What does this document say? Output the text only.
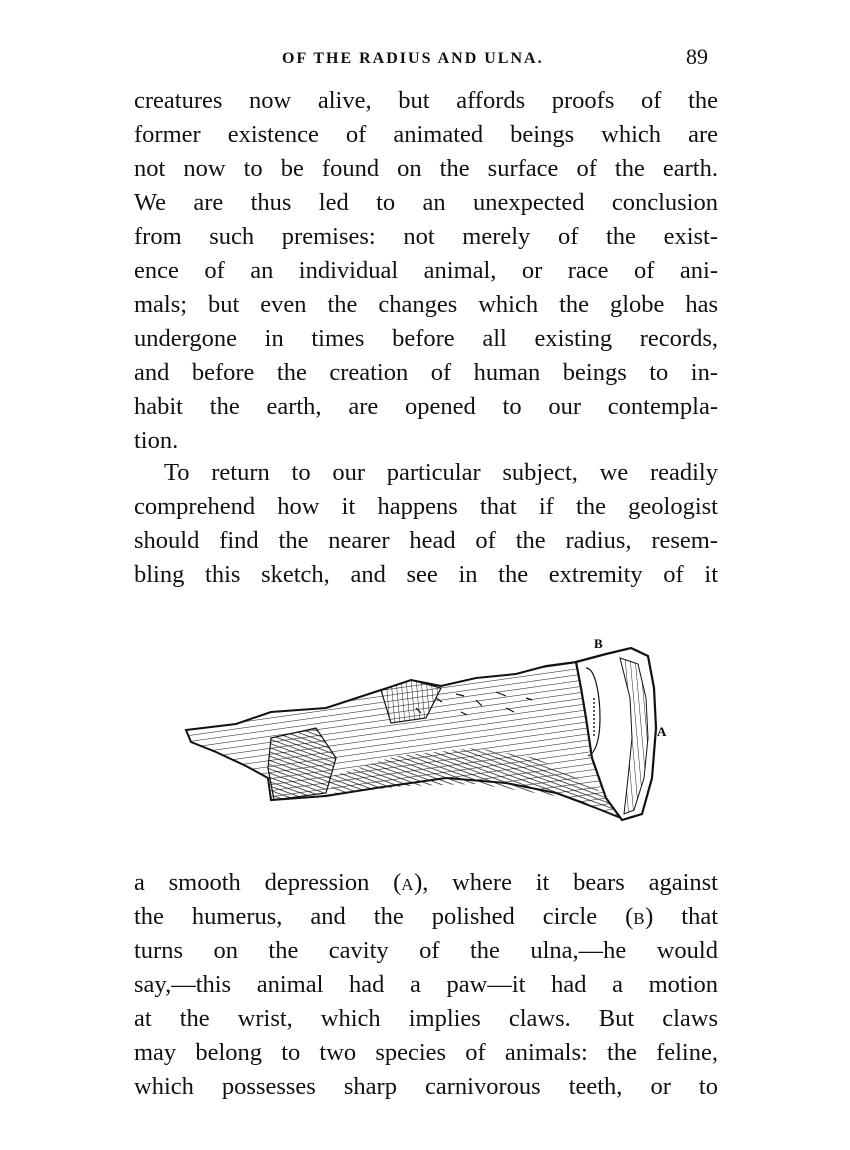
OF THE RADIUS AND ULNA.	89
creatures now alive, but affords proofs of the
former existence of animated beings which are
not now to be found on the surface of the earth.
We are thus led to an unexpected conclusion
from such premises: not merely of the exist-
ence of an individual animal, or race of ani-
mals; but even the changes which the globe has
undergone in times before all existing records,
and before the creation of human beings to in-
habit the earth, are opened to our contempla-
tion.
To return to our particular subject, we readily
comprehend how it happens that if the geologist
should find the nearer head of the radius, resem-
bling this sketch, and see in the extremity of it
B
A
a smooth depression (A), where it bears against
the humerus, and the polished circle (B) that
turns on the cavity of the ulna,—he would
say,—this animal had a paw—it had a motion
at the wrist, which implies claws. But claws
may belong to two species of animals: the feline,
which possesses sharp carnivorous teeth, or to
